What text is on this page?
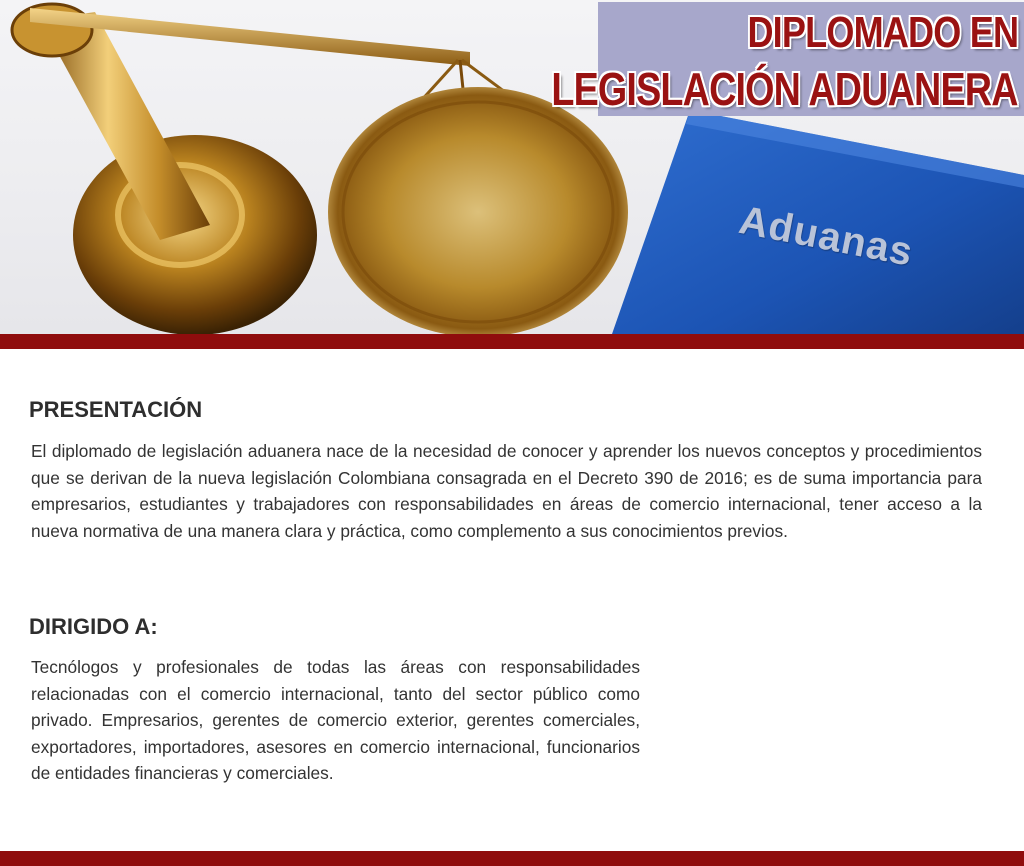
Aduanas
DIPLOMADO EN
LEGISLACIÓN ADUANERA
PRESENTACIÓN

El diplomado de legislación aduanera nace de la necesidad de conocer y aprender los nuevos conceptos y procedimientos que se derivan de la nueva legislación Colombiana consagrada en el Decreto 390 de 2016; es de suma importancia para empresarios, estudiantes y trabajadores con responsabilidades en áreas de comercio internacional, tener acceso a la nueva normativa de una manera clara y práctica, como complemento a sus conocimientos previos.

DIRIGIDO A:

Tecnólogos y profesionales de todas las áreas con responsabilidades relacionadas con el comercio internacional, tanto del sector público como privado. Empresarios, gerentes de comercio exterior, gerentes comerciales, exportadores, importadores, asesores en comercio internacional, funcionarios de entidades financieras y comerciales.
